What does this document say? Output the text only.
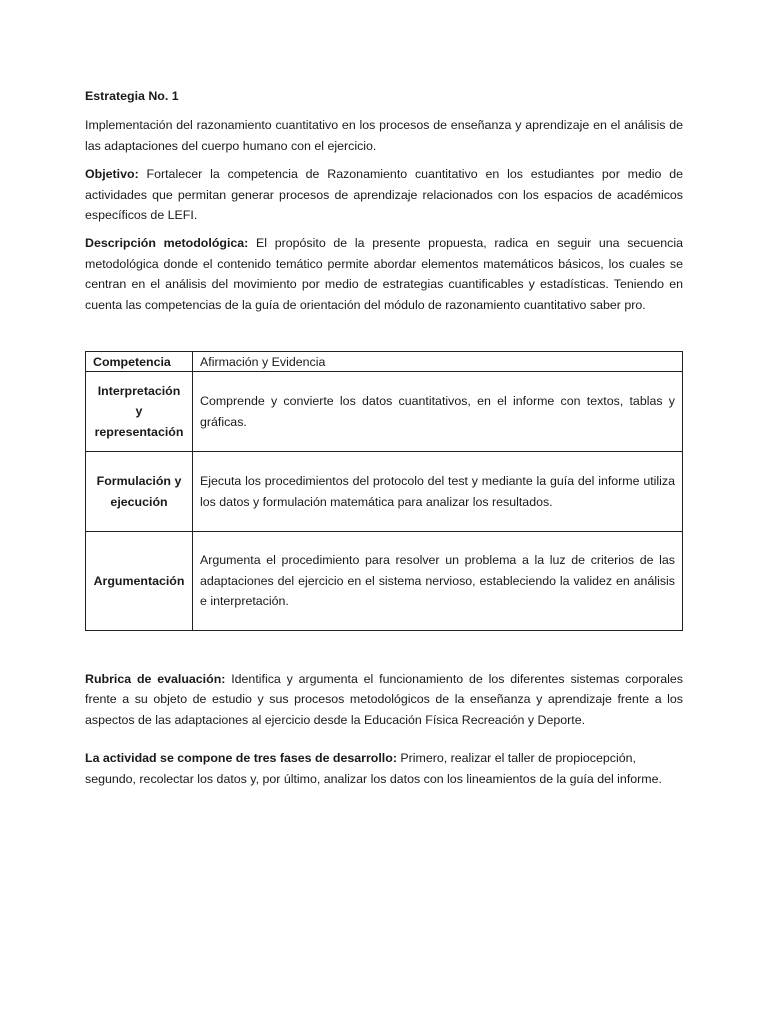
Estrategia No. 1

Implementación del razonamiento cuantitativo en los procesos de enseñanza y aprendizaje en el análisis de las adaptaciones del cuerpo humano con el ejercicio.

Objetivo: Fortalecer la competencia de Razonamiento cuantitativo en los estudiantes por medio de actividades que permitan generar procesos de aprendizaje relacionados con los espacios de académicos específicos de LEFI.

Descripción metodológica: El propósito de la presente propuesta, radica en seguir una secuencia metodológica donde el contenido temático permite abordar elementos matemáticos básicos, los cuales se centran en el análisis del movimiento por medio de estrategias cuantificables y estadísticas. Teniendo en cuenta las competencias de la guía de orientación del módulo de razonamiento cuantitativo saber pro.

Competencia	Afirmación y Evidencia
Interpretación y representación	Comprende y convierte los datos cuantitativos, en el informe con textos, tablas y gráficas.
Formulación y ejecución	Ejecuta los procedimientos del protocolo del test y mediante la guía del informe utiliza los datos y formulación matemática para analizar los resultados.
Argumentación	Argumenta el procedimiento para resolver un problema a la luz de criterios de las adaptaciones del ejercicio en el sistema nervioso, estableciendo la validez en análisis e interpretación.

Rubrica de evaluación: Identifica y argumenta el funcionamiento de los diferentes sistemas corporales frente a su objeto de estudio y sus procesos metodológicos de la enseñanza y aprendizaje frente a los aspectos de las adaptaciones al ejercicio desde la Educación Física Recreación y Deporte.

La actividad se compone de tres fases de desarrollo: Primero, realizar el taller de propiocepción, segundo, recolectar los datos y, por último, analizar los datos con los lineamientos de la guía del informe.
